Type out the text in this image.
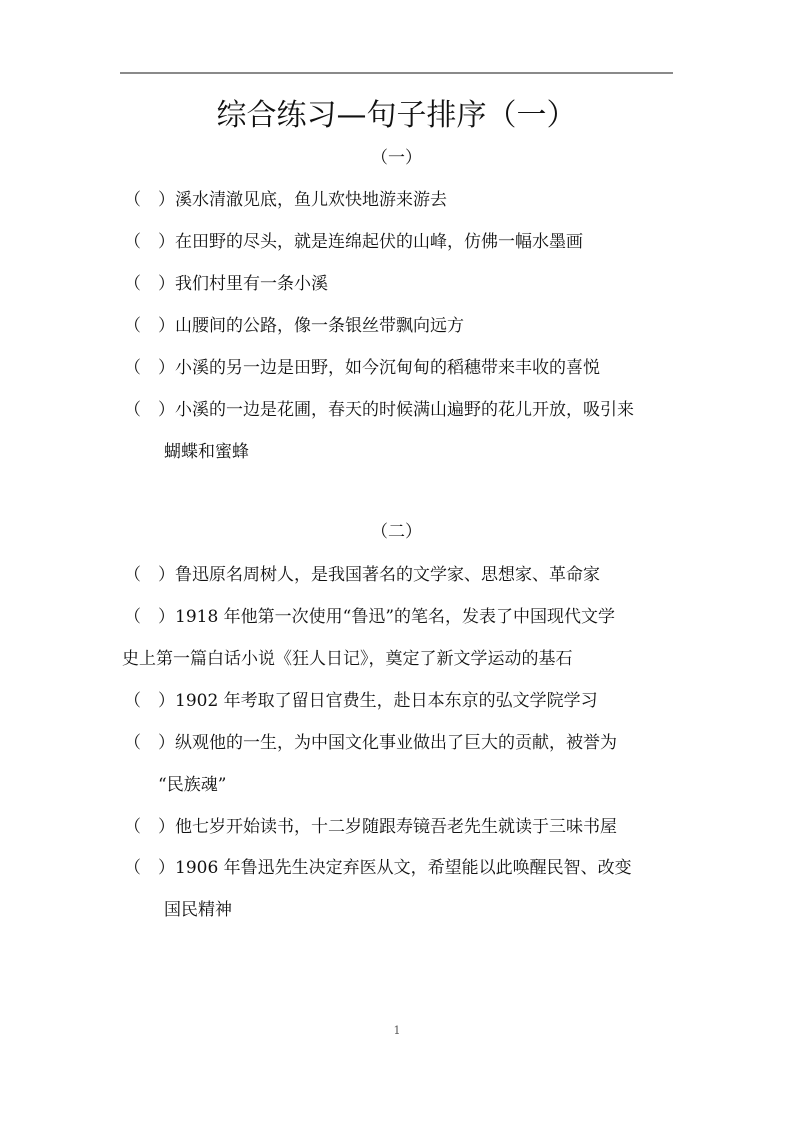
综合练习—句子排序（一）
（一）
（　）溪水清澈见底，鱼儿欢快地游来游去
（　）在田野的尽头，就是连绵起伏的山峰，仿佛一幅水墨画
（　）我们村里有一条小溪
（　）山腰间的公路，像一条银丝带飘向远方
（　）小溪的另一边是田野，如今沉甸甸的稻穗带来丰收的喜悦
（　）小溪的一边是花圃，春天的时候满山遍野的花儿开放，吸引来
蝴蝶和蜜蜂
（二）
（　）鲁迅原名周树人，是我国著名的文学家、思想家、革命家
（　）1918 年他第一次使用“鲁迅”的笔名，发表了中国现代文学
史上第一篇白话小说《狂人日记》，奠定了新文学运动的基石
（　）1902 年考取了留日官费生，赴日本东京的弘文学院学习
（　）纵观他的一生，为中国文化事业做出了巨大的贡献，被誉为
“民族魂”
（　）他七岁开始读书，十二岁随跟寿镜吾老先生就读于三味书屋
（　）1906 年鲁迅先生决定弃医从文，希望能以此唤醒民智、改变
国民精神
1
